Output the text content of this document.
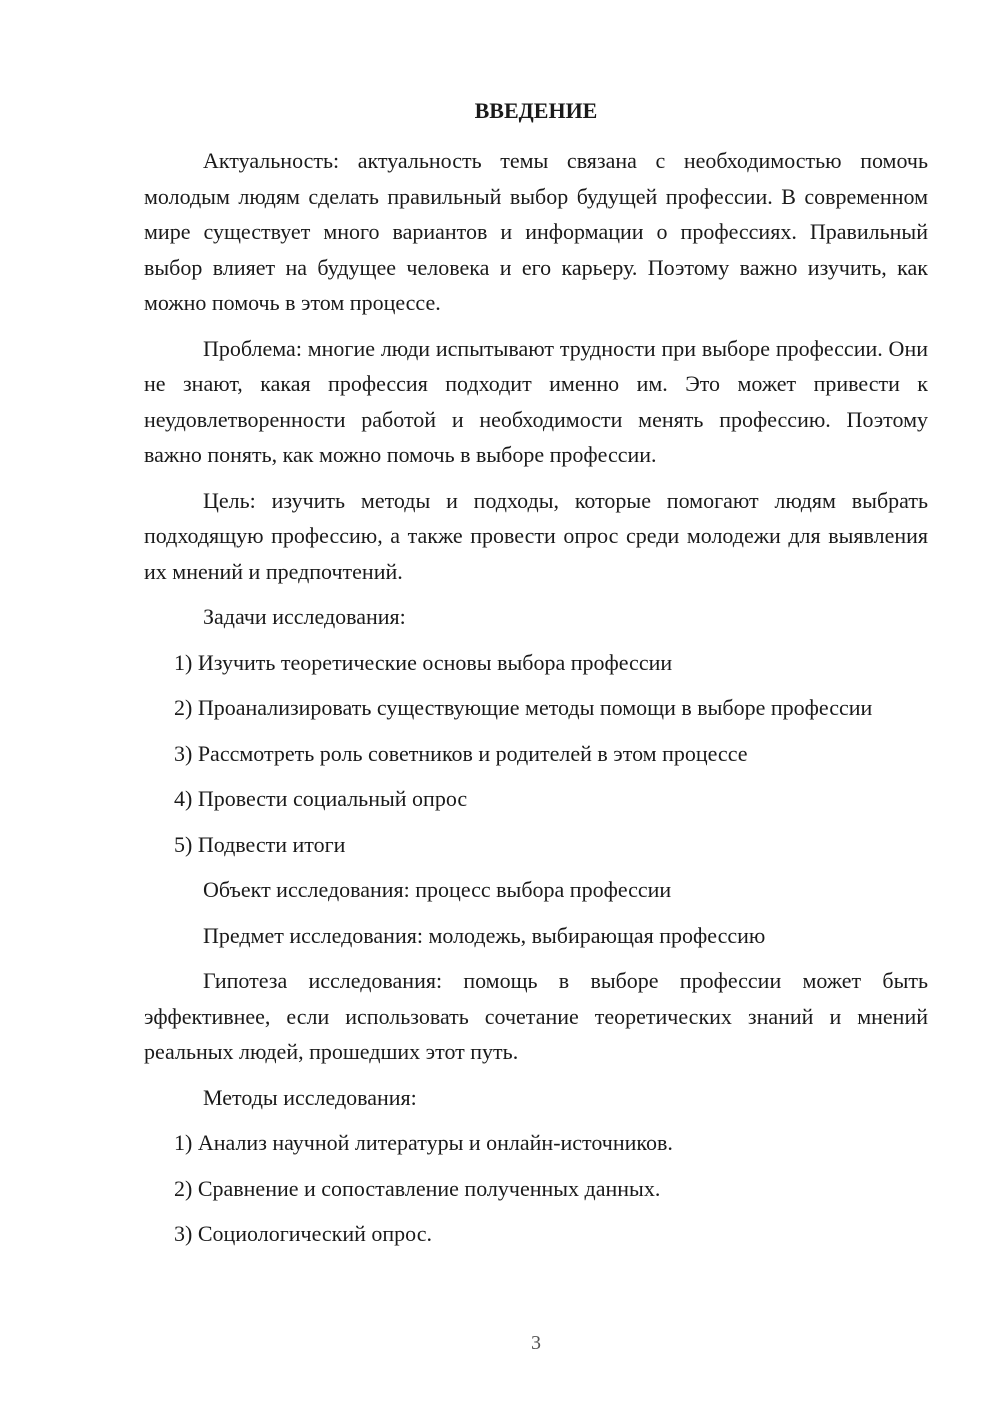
ВВЕДЕНИЕ

Актуальность: актуальность темы связана с необходимостью помочь молодым людям сделать правильный выбор будущей профессии. В современном мире существует много вариантов и информации о профессиях. Правильный выбор влияет на будущее человека и его карьеру. Поэтому важно изучить, как можно помочь в этом процессе.

Проблема: многие люди испытывают трудности при выборе профессии. Они не знают, какая профессия подходит именно им. Это может привести к неудовлетворенности работой и необходимости менять профессию. Поэтому важно понять, как можно помочь в выборе профессии.

Цель: изучить методы и подходы, которые помогают людям выбрать подходящую профессию, а также провести опрос среди молодежи для выявления их мнений и предпочтений.

Задачи исследования:

1) Изучить теоретические основы выбора профессии

2) Проанализировать существующие методы помощи в выборе профессии

3) Рассмотреть роль советников и родителей в этом процессе

4) Провести социальный опрос

5) Подвести итоги

Объект исследования: процесс выбора профессии

Предмет исследования: молодежь, выбирающая профессию

Гипотеза исследования: помощь в выборе профессии может быть эффективнее, если использовать сочетание теоретических знаний и мнений реальных людей, прошедших этот путь.

Методы исследования:

1) Анализ научной литературы и онлайн-источников.

2) Сравнение и сопоставление полученных данных.

3) Социологический опрос.

3
